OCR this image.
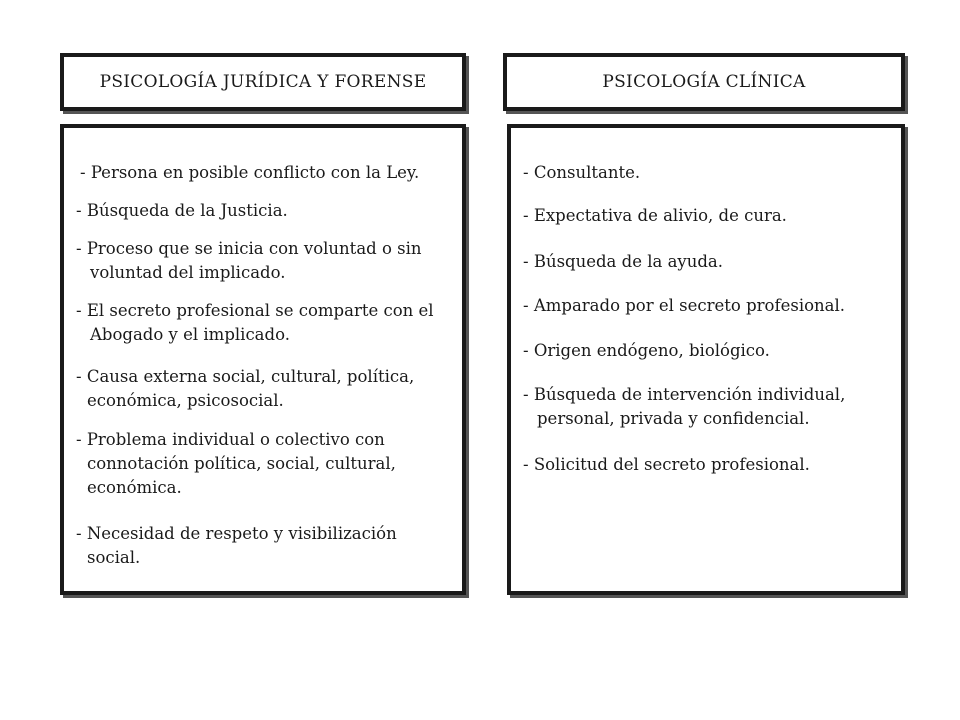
PSICOLOGÍA JURÍDICA Y FORENSE	PSICOLOGÍA CLÍNICA
- Persona en posible conflicto con la Ley.
- Búsqueda de la Justicia.
- Proceso que se inicia con voluntad o sin
voluntad del implicado.
- El secreto profesional se comparte con el
Abogado y el implicado.
- Causa externa social, cultural, política,
económica, psicosocial.
- Problema individual o colectivo con
connotación política, social, cultural,
económica.
- Necesidad de respeto y visibilización
social.
- Consultante.
- Expectativa de alivio, de cura.
- Búsqueda de la ayuda.
- Amparado por el secreto profesional.
- Origen endógeno, biológico.
- Búsqueda de intervención individual,
personal, privada y confidencial.
- Solicitud del secreto profesional.
